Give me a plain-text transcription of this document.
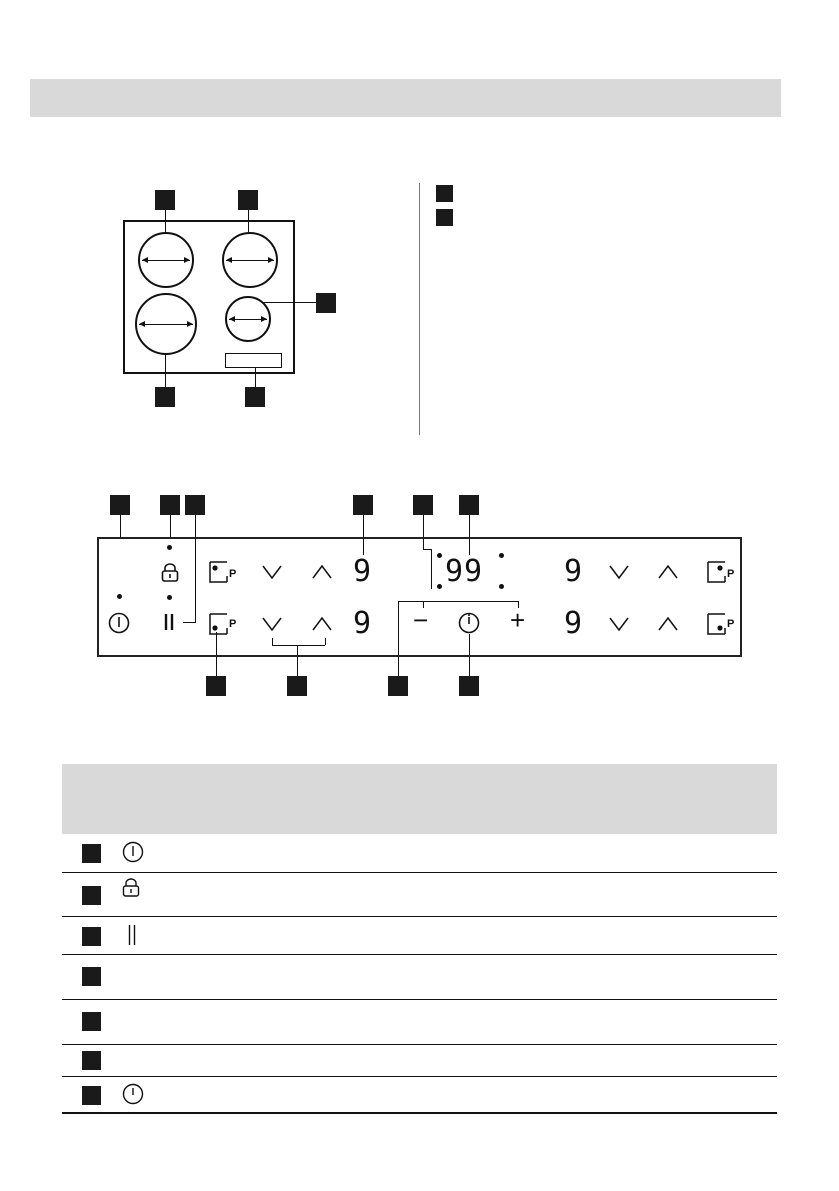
P
P
9
9
99
−	+
9
9
P
P
